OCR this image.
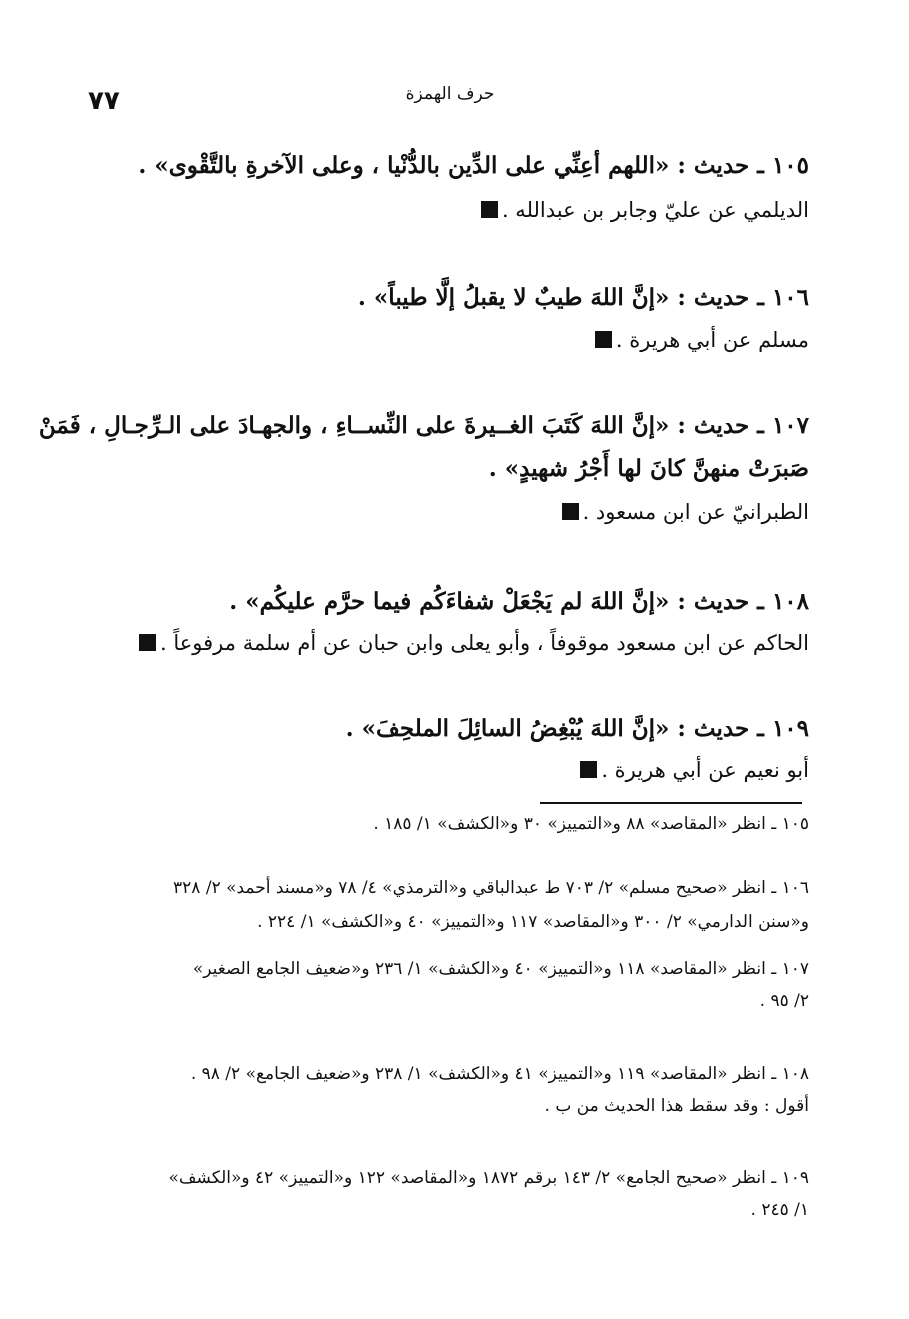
٧٧	حرف الهمزة
١٠٥ ـ حديث : «اللهم أعِنِّي على الدِّين بالدُّنْيا ، وعلى الآخرةِ بالتَّقْوى» .
الديلمي عن عليّ وجابر بن عبدالله .
١٠٦ ـ حديث : «إنَّ اللهَ طيبٌ لا يقبلُ إلَّا طيباً» .
مسلم عن أبي هريرة .
١٠٧ ـ حديث : «إنَّ اللهَ كَتَبَ الغــيرةَ على النِّســاءِ ، والجهـادَ على الـرِّجـالِ ، فَمَنْ
صَبرَتْ منهنَّ كانَ لها أَجْرُ شهيدٍ» .
الطبرانيّ عن ابن مسعود .
١٠٨ ـ حديث : «إنَّ اللهَ لم يَجْعَلْ شفاءَكُم فيما حرَّم عليكُم» .
الحاكم عن ابن مسعود موقوفاً ، وأبو يعلى وابن حبان عن أم سلمة مرفوعاً .
١٠٩ ـ حديث : «إنَّ اللهَ يُبْغِضُ السائِلَ الملحِفَ» .
أبو نعيم عن أبي هريرة .
١٠٥ ـ انظر «المقاصد» ٨٨ و«التمييز» ٣٠ و«الكشف» ١/ ١٨٥ .
١٠٦ ـ انظر «صحيح مسلم» ٢/ ٧٠٣ ط عبدالباقي و«الترمذي» ٤/ ٧٨ و«مسند أحمد» ٢/ ٣٢٨
و«سنن الدارمي» ٢/ ٣٠٠ و«المقاصد» ١١٧ و«التمييز» ٤٠ و«الكشف» ١/ ٢٢٤ .
١٠٧ ـ انظر «المقاصد» ١١٨ و«التمييز» ٤٠ و«الكشف» ١/ ٢٣٦ و«ضعيف الجامع الصغير»
٢/ ٩٥ .
١٠٨ ـ انظر «المقاصد» ١١٩ و«التمييز» ٤١ و«الكشف» ١/ ٢٣٨ و«ضعيف الجامع» ٢/ ٩٨ .
أقول : وقد سقط هذا الحديث من ب .
١٠٩ ـ انظر «صحيح الجامع» ٢/ ١٤٣ برقم ١٨٧٢ و«المقاصد» ١٢٢ و«التمييز» ٤٢ و«الكشف»
١/ ٢٤٥ .
